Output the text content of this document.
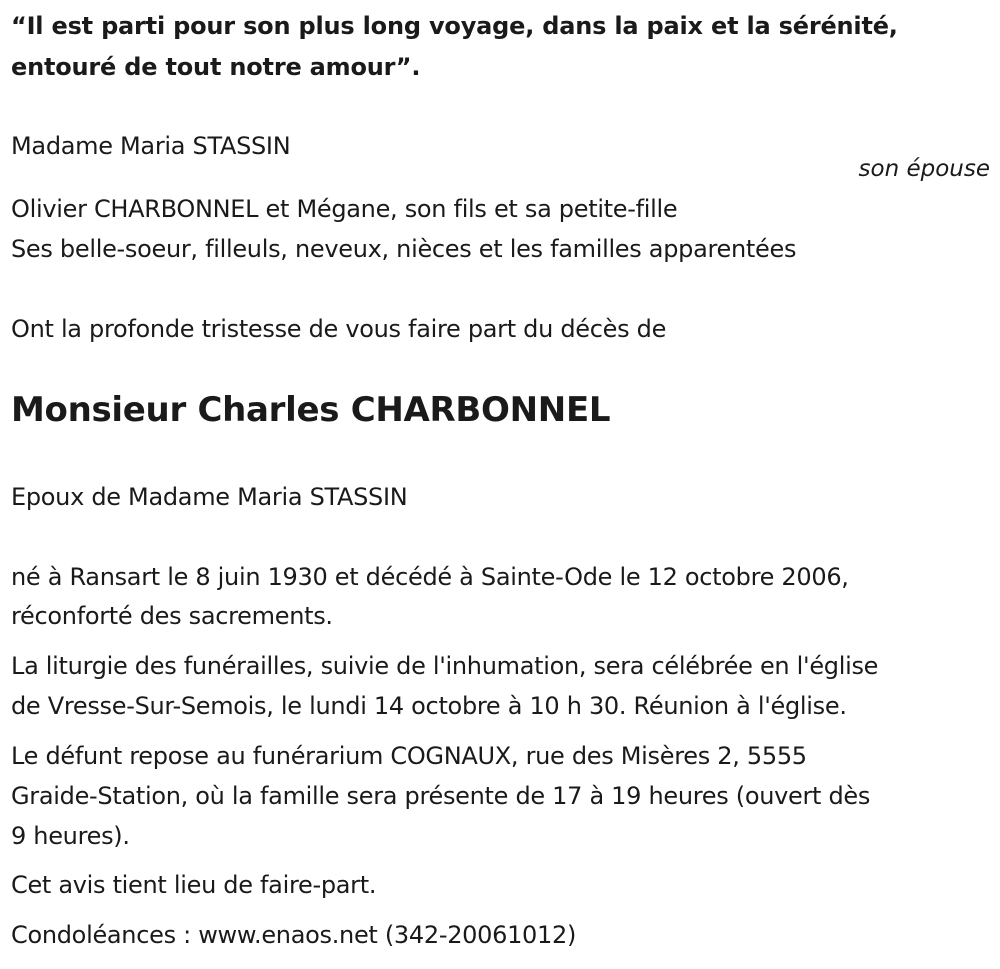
“Il est parti pour son plus long voyage, dans la paix et la sérénité,
entouré de tout notre amour”.
Madame Maria STASSIN
son épouse
Olivier CHARBONNEL et Mégane, son fils et sa petite-fille
Ses belle-soeur, filleuls, neveux, nièces et les familles apparentées
Ont la profonde tristesse de vous faire part du décès de
Monsieur Charles CHARBONNEL
Epoux de Madame Maria STASSIN
né à Ransart le 8 juin 1930 et décédé à Sainte-Ode le 12 octobre 2006,
réconforté des sacrements.
La liturgie des funérailles, suivie de l'inhumation, sera célébrée en l'église
de Vresse-Sur-Semois, le lundi 14 octobre à 10 h 30. Réunion à l'église.
Le défunt repose au funérarium COGNAUX, rue des Misères 2, 5555
Graide-Station, où la famille sera présente de 17 à 19 heures (ouvert dès
9 heures).
Cet avis tient lieu de faire-part.
Condoléances : www.enaos.net (342-20061012)
